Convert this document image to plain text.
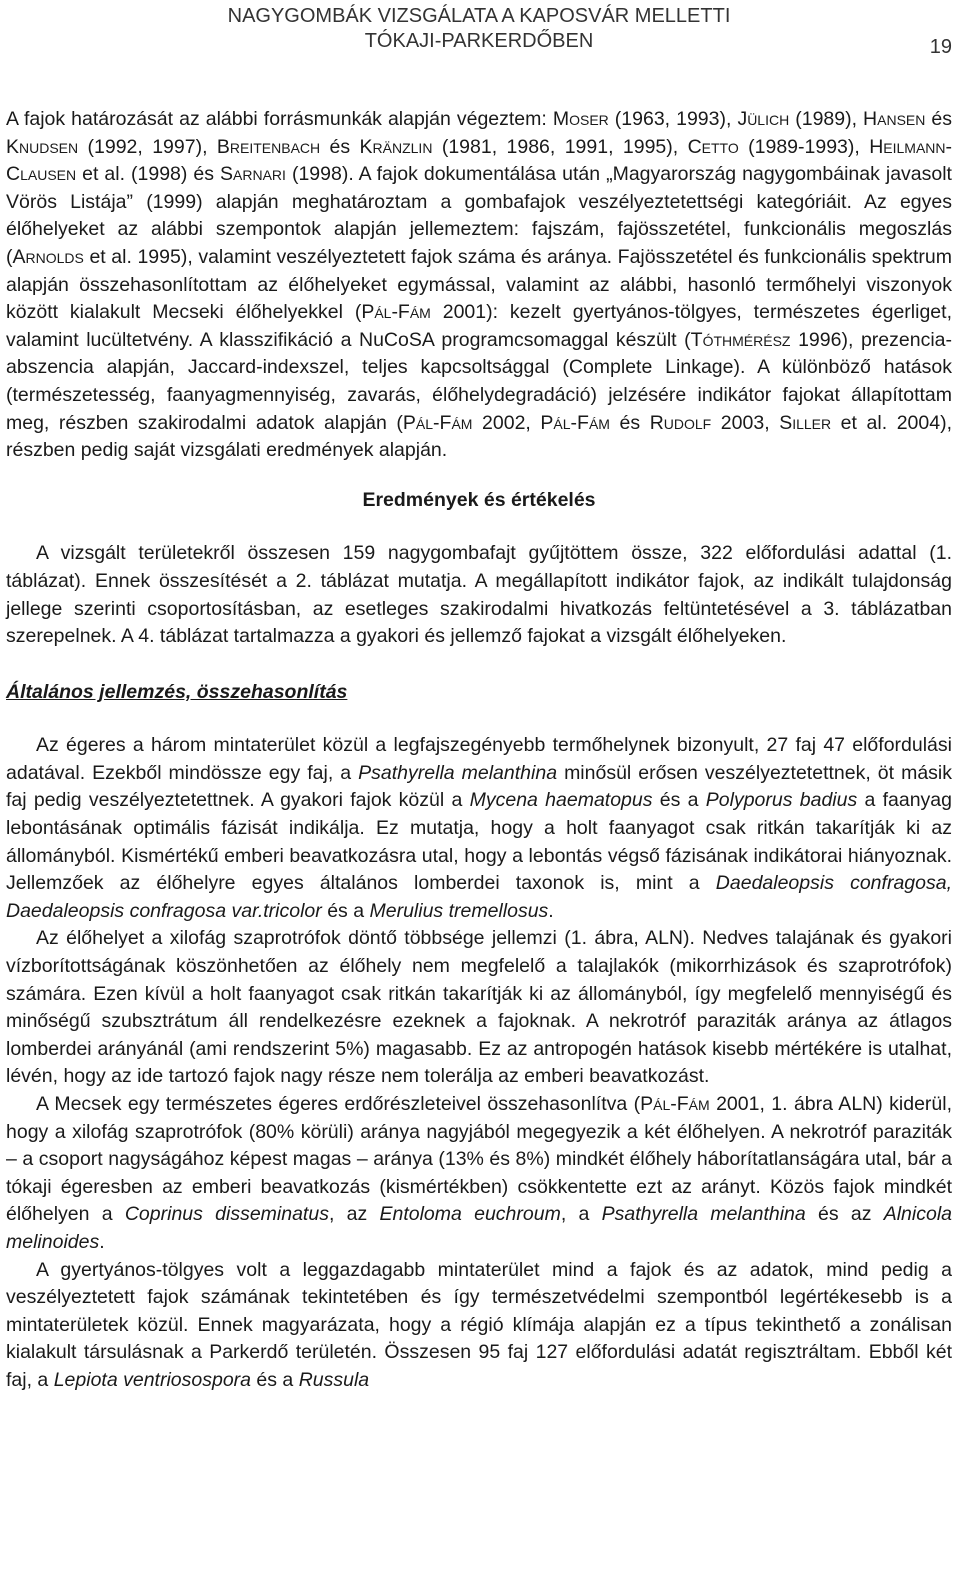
NAGYGOMBÁK VIZSGÁLATA A KAPOSVÁR MELLETTI
TÓKAJI-PARKERDŐBEN	19

A fajok határozását az alábbi forrásmunkák alapján végeztem: Moser (1963, 1993), Jülich (1989), Hansen és Knudsen (1992, 1997), Breitenbach és Kränzlin (1981, 1986, 1991, 1995), Cetto (1989-1993), Heilmann-Clausen et al. (1998) és Sarnari (1998). A fajok dokumentálása után „Magyarország nagygombáinak javasolt Vörös Listája” (1999) alapján meghatároztam a gombafajok veszélyeztetettségi kategóriáit. Az egyes élőhelyeket az alábbi szempontok alapján jellemeztem: fajszám, fajösszetétel, funkcionális megoszlás (Arnolds et al. 1995), valamint veszélyeztetett fajok száma és aránya. Fajösszetétel és funkcionális spektrum alapján összehasonlítottam az élőhelyeket egymással, valamint az alábbi, hasonló termőhelyi viszonyok között kialakult Mecseki élőhelyekkel (Pál-Fám 2001): kezelt gyertyános-tölgyes, természetes égerliget, valamint lucültetvény. A klasszifikáció a NuCoSA programcsomaggal készült (Tóthmérész 1996), prezencia-abszencia alapján, Jaccard-indexszel, teljes kapcsoltsággal (Complete Linkage). A különböző hatások (természetesség, faanyagmennyiség, zavarás, élőhelydegradáció) jelzésére indikátor fajokat állapítottam meg, részben szakirodalmi adatok alapján (Pál-Fám 2002, Pál-Fám és Rudolf 2003, Siller et al. 2004), részben pedig saját vizsgálati eredmények alapján.

Eredmények és értékelés

A vizsgált területekről összesen 159 nagygombafajt gyűjtöttem össze, 322 előfordulási adattal (1. táblázat). Ennek összesítését a 2. táblázat mutatja. A megállapított indikátor fajok, az indikált tulajdonság jellege szerinti csoportosításban, az esetleges szakirodalmi hivatkozás feltüntetésével a 3. táblázatban szerepelnek. A 4. táblázat tartalmazza a gyakori és jellemző fajokat a vizsgált élőhelyeken.

Általános jellemzés, összehasonlítás

Az égeres a három mintaterület közül a legfajszegényebb termőhelynek bizonyult, 27 faj 47 előfordulási adatával. Ezekből mindössze egy faj, a Psathyrella melanthina minősül erősen veszélyeztetettnek, öt másik faj pedig veszélyeztetettnek. A gyakori fajok közül a Mycena haematopus és a Polyporus badius a faanyag lebontásának optimális fázisát indikálja. Ez mutatja, hogy a holt faanyagot csak ritkán takarítják ki az állományból. Kismértékű emberi beavatkozásra utal, hogy a lebontás végső fázisának indikátorai hiányoznak. Jellemzőek az élőhelyre egyes általános lomberdei taxonok is, mint a Daedaleopsis confragosa, Daedaleopsis confragosa var.tricolor és a Merulius tremellosus.

Az élőhelyet a xilofág szaprotrófok döntő többsége jellemzi (1. ábra, ALN). Nedves talajának és gyakori vízborítottságának köszönhetően az élőhely nem megfelelő a talajlakók (mikorrhizások és szaprotrófok) számára. Ezen kívül a holt faanyagot csak ritkán takarítják ki az állományból, így megfelelő mennyiségű és minőségű szubsztrátum áll rendelkezésre ezeknek a fajoknak. A nekrotróf paraziták aránya az átlagos lomberdei arányánál (ami rendszerint 5%) magasabb. Ez az antropogén hatások kisebb mértékére is utalhat, lévén, hogy az ide tartozó fajok nagy része nem tolerálja az emberi beavatkozást.

A Mecsek egy természetes égeres erdőrészleteivel összehasonlítva (Pál-Fám 2001, 1. ábra ALN) kiderül, hogy a xilofág szaprotrófok (80% körüli) aránya nagyjából megegyezik a két élőhelyen. A nekrotróf paraziták – a csoport nagyságához képest magas – aránya (13% és 8%) mindkét élőhely háborítatlanságára utal, bár a tókaji égeresben az emberi beavatkozás (kismértékben) csökkentette ezt az arányt. Közös fajok mindkét élőhelyen a Coprinus disseminatus, az Entoloma euchroum, a Psathyrella melanthina és az Alnicola melinoides.

A gyertyános-tölgyes volt a leggazdagabb mintaterület mind a fajok és az adatok, mind pedig a veszélyeztetett fajok számának tekintetében és így természetvédelmi szempontból legértékesebb is a mintaterületek közül. Ennek magyarázata, hogy a régió klímája alapján ez a típus tekinthető a zonálisan kialakult társulásnak a Parkerdő területén. Összesen 95 faj 127 előfordulási adatát regisztráltam. Ebből két faj, a Lepiota ventriosospora és a Russula
